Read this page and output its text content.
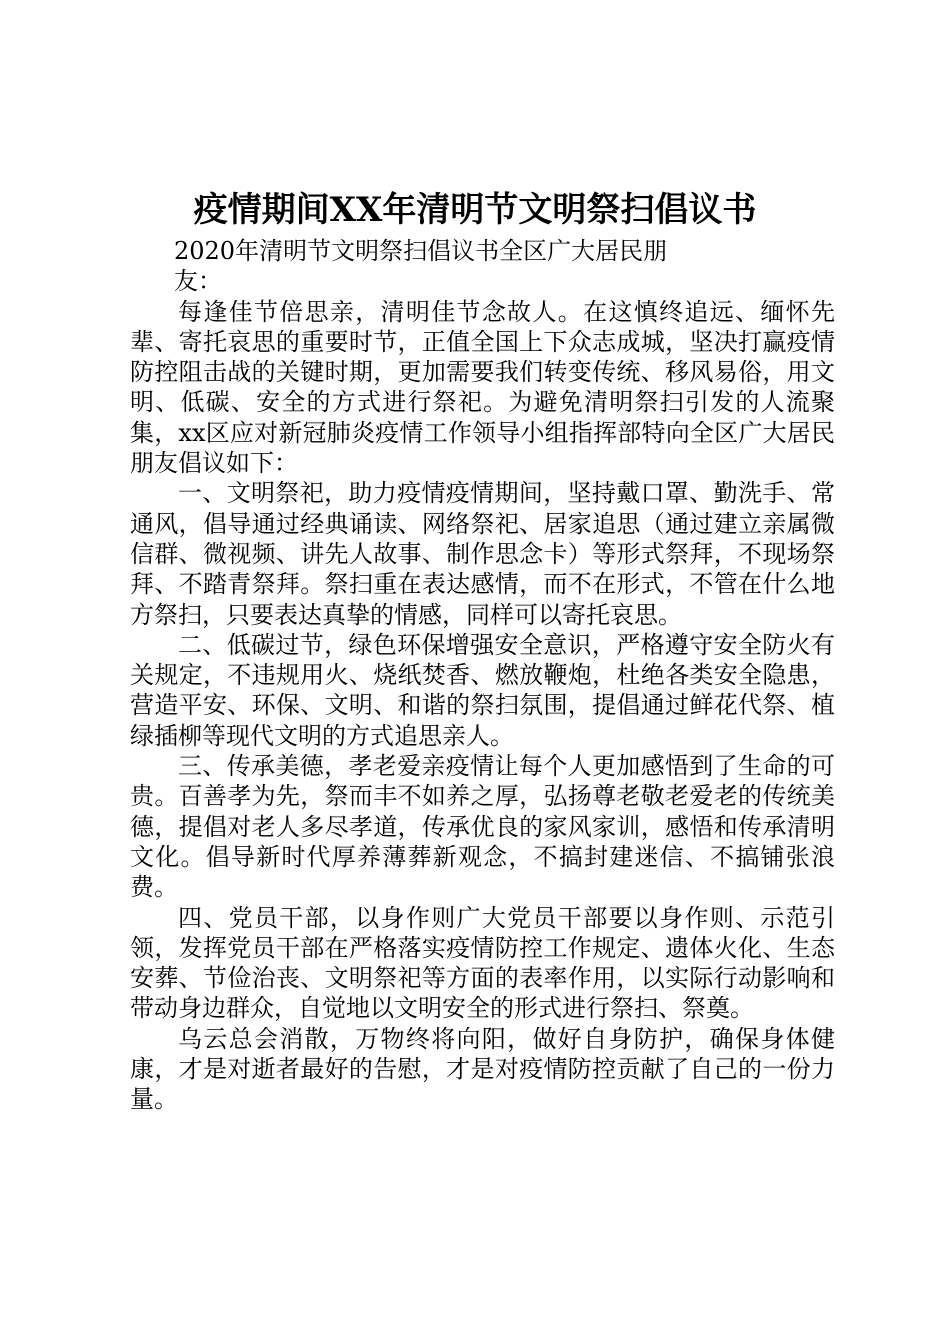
疫情期间XX年清明节文明祭扫倡议书

2020年清明节文明祭扫倡议书全区广大居民朋友：

每逢佳节倍思亲，清明佳节念故人。在这慎终追远、缅怀先辈、寄托哀思的重要时节，正值全国上下众志成城，坚决打赢疫情防控阻击战的关键时期，更加需要我们转变传统、移风易俗，用文明、低碳、安全的方式进行祭祀。为避免清明祭扫引发的人流聚集，xx区应对新冠肺炎疫情工作领导小组指挥部特向全区广大居民朋友倡议如下：

一、文明祭祀，助力疫情疫情期间，坚持戴口罩、勤洗手、常通风，倡导通过经典诵读、网络祭祀、居家追思（通过建立亲属微信群、微视频、讲先人故事、制作思念卡）等形式祭拜，不现场祭拜、不踏青祭拜。祭扫重在表达感情，而不在形式，不管在什么地方祭扫，只要表达真挚的情感，同样可以寄托哀思。

二、低碳过节，绿色环保增强安全意识，严格遵守安全防火有关规定，不违规用火、烧纸焚香、燃放鞭炮，杜绝各类安全隐患，营造平安、环保、文明、和谐的祭扫氛围，提倡通过鲜花代祭、植绿插柳等现代文明的方式追思亲人。

三、传承美德，孝老爱亲疫情让每个人更加感悟到了生命的可贵。百善孝为先，祭而丰不如养之厚，弘扬尊老敬老爱老的传统美德，提倡对老人多尽孝道，传承优良的家风家训，感悟和传承清明文化。倡导新时代厚养薄葬新观念，不搞封建迷信、不搞铺张浪费。

四、党员干部，以身作则广大党员干部要以身作则、示范引领，发挥党员干部在严格落实疫情防控工作规定、遗体火化、生态安葬、节俭治丧、文明祭祀等方面的表率作用，以实际行动影响和带动身边群众，自觉地以文明安全的形式进行祭扫、祭奠。

乌云总会消散，万物终将向阳，做好自身防护，确保身体健康，才是对逝者最好的告慰，才是对疫情防控贡献了自己的一份力量。
